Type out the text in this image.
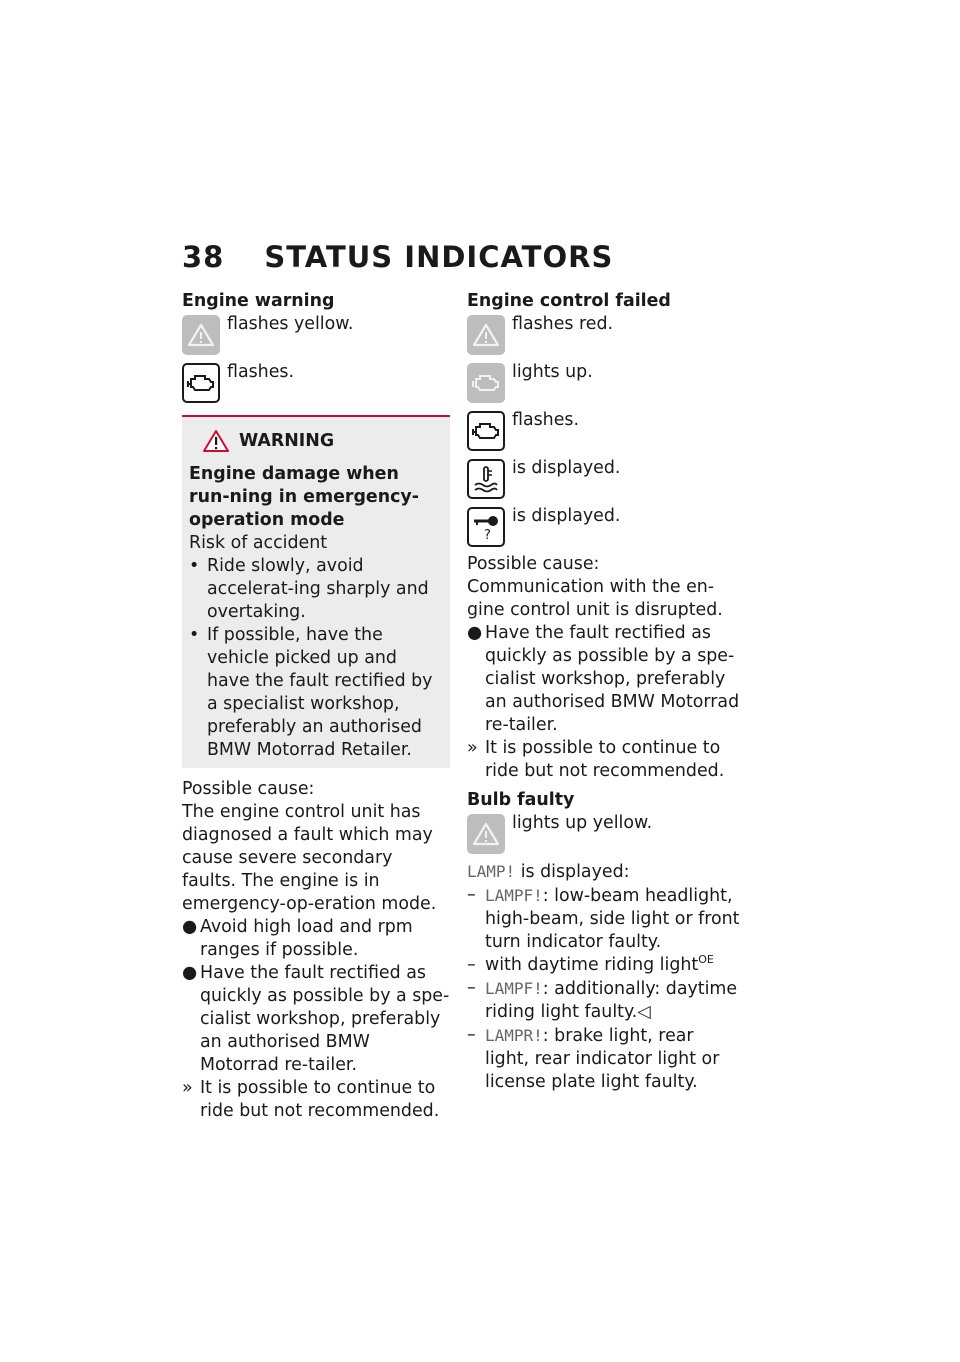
38 STATUS INDICATORS

Engine warning

flashes yellow.
flashes.
WARNING

Engine damage when run-ning in emergency-operation mode

Risk of accident

• Ride slowly, avoid accelerat-ing sharply and overtaking.
• If possible, have the vehicle picked up and have the fault rectified by a specialist workshop, preferably an authorised BMW Motorrad Retailer.

Possible cause:

The engine control unit has diagnosed a fault which may cause severe secondary faults. The engine is in emergency-op-eration mode.

● Avoid high load and rpm ranges if possible.
● Have the fault rectified as quickly as possible by a spe-cialist workshop, preferably an authorised BMW Motorrad re-tailer.
» It is possible to continue to ride but not recommended.

Engine control failed

flashes red.
lights up.
flashes.
is displayed.
?
is displayed.

Possible cause:

Communication with the en-gine control unit is disrupted.

● Have the fault rectified as quickly as possible by a spe-cialist workshop, preferably an authorised BMW Motorrad re-tailer.
» It is possible to continue to ride but not recommended.

Bulb faulty

lights up yellow.

LAMP! is displayed:

– LAMPF!: low-beam headlight, high-beam, side light or front turn indicator faulty.
– with daytime riding light$^{OE}$
– LAMPF!: additionally: daytime riding light faulty.◁
– LAMPR!: brake light, rear light, rear indicator light or license plate light faulty.
